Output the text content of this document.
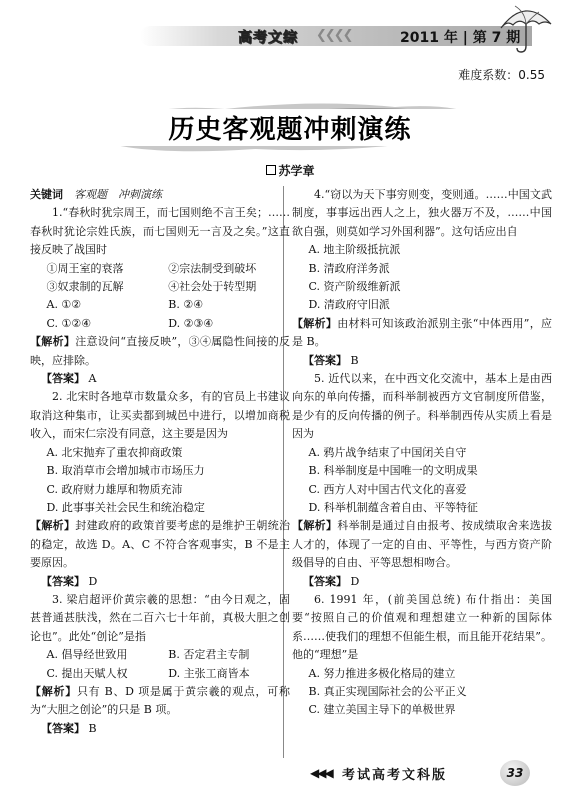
高考文综 ❮❮❮❮	2011 年 | 第 7 期
难度系数：0.55
历史客观题冲刺演练
苏学章

关键词　 客观题　冲刺演练

1.“春秋时犹宗周王，而七国则绝不言王矣；……春秋时犹论宗姓氏族，而七国则无一言及之矣。”这直接反映了战国时

①周王室的衰落	②宗法制受到破坏
③奴隶制的瓦解	④社会处于转型期
A. ①②	B. ②④
C. ①②④	D. ②③④

【解析】注意设问“直接反映”，③④属隐性间接的反映，应排除。

【答案】 A

2. 北宋时各地草市数量众多，有的官员上书建议取消这种集市，让买卖都到城邑中进行，以增加商税收入，而宋仁宗没有同意，这主要是因为

A. 北宋抛弃了重农抑商政策
B. 取消草市会增加城市市场压力
C. 政府财力雄厚和物质充沛
D. 此事事关社会民生和统治稳定

【解析】封建政府的政策首要考虑的是维护王朝统治的稳定，故选 D。A、C 不符合客观事实，B 不是主要原因。

【答案】 D

3. 梁启超评价黄宗羲的思想：“由今日观之，固甚普通甚肤浅，然在二百六七十年前，真极大胆之创论也”。此处“创论”是指

A. 倡导经世致用	B. 否定君主专制
C. 提出天赋人权	D. 主张工商皆本

【解析】只有 B、D 项是属于黄宗羲的观点，可称为“大胆之创论”的只是 B 项。

【答案】 B

4.“窃以为天下事穷则变，变则通。……中国文武制度，事事远出西人之上，独火器万不及，……中国欲自强，则莫如学习外国利器”。这句话应出自

A. 地主阶级抵抗派
B. 清政府洋务派
C. 资产阶级维新派
D. 清政府守旧派

【解析】由材料可知该政治派别主张“中体西用”，应是 B。

【答案】 B

5. 近代以来，在中西文化交流中，基本上是由西向东的单向传播，而科举制被西方文官制度所借鉴，是少有的反向传播的例子。科举制西传从实质上看是因为

A. 鸦片战争结束了中国闭关自守
B. 科举制度是中国唯一的文明成果
C. 西方人对中国古代文化的喜爱
D. 科举机制蕴含着自由、平等特征

【解析】科举制是通过自由报考、按成绩取舍来选拔人才的，体现了一定的自由、平等性，与西方资产阶级倡导的自由、平等思想相吻合。

【答案】 D

6. 1991 年，(前美国总统) 布什指出：美国要“按照自己的价值观和理想建立一种新的国际体系……使我们的理想不但能生根，而且能开花结果”。他的“理想”是

A. 努力推进多极化格局的建立
B. 真正实现国际社会的公平正义
C. 建立美国主导下的单极世界
◀◀◀ 考试高考文科版	33
